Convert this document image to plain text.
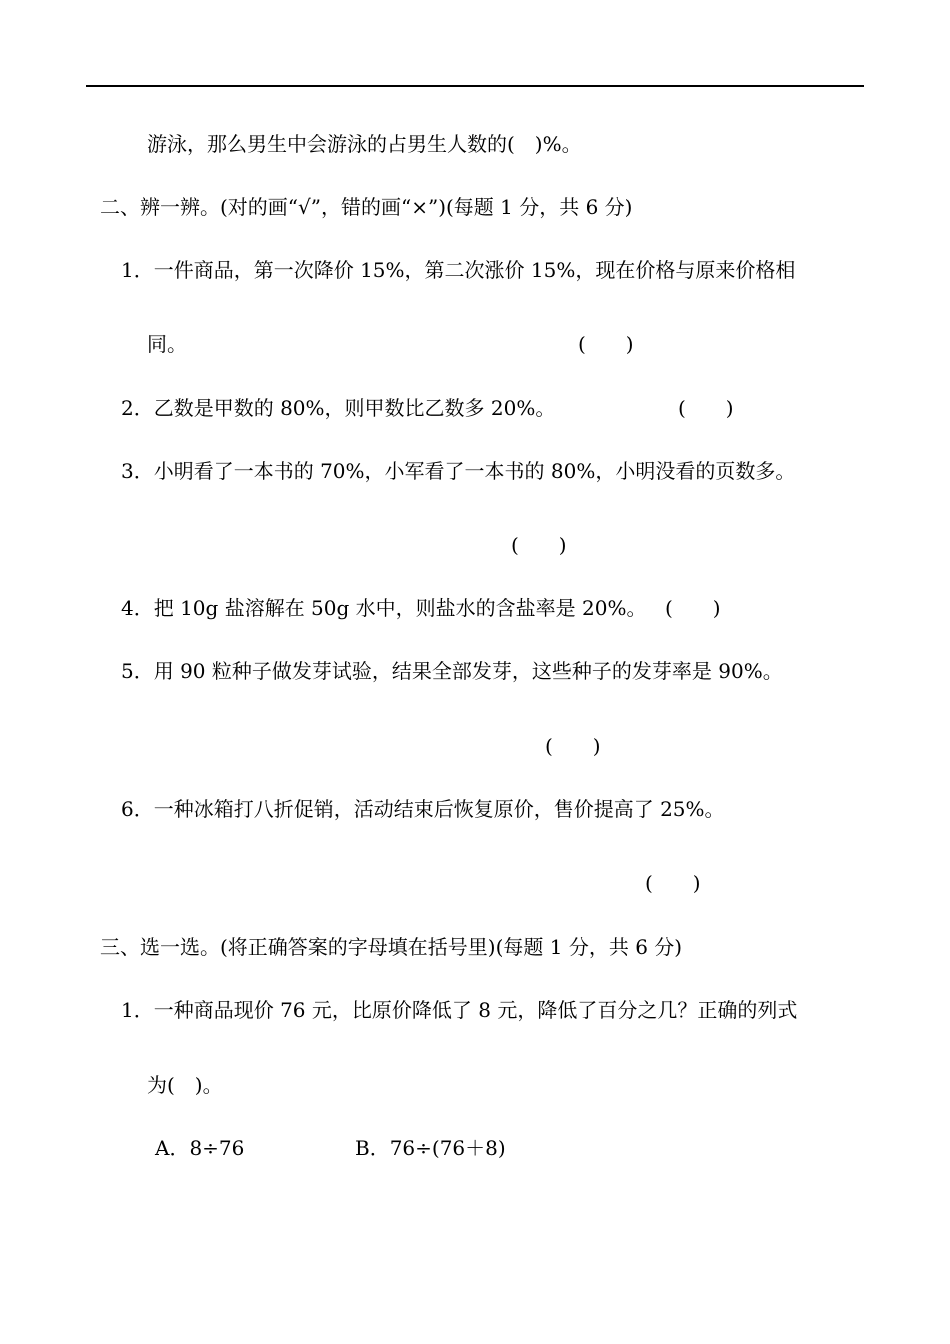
游泳，那么男生中会游泳的占男生人数的(　)%。
二、辨一辨。(对的画“√”，错的画“×”)(每题 1 分，共 6 分)
1．一件商品，第一次降价 15%，第二次涨价 15%，现在价格与原来价格相
同。	(　　)
2．乙数是甲数的 80%，则甲数比乙数多 20%。	(　　)
3．小明看了一本书的 70%，小军看了一本书的 80%，小明没看的页数多。
(　　)
4．把 10g 盐溶解在 50g 水中，则盐水的含盐率是 20%。 (　　)
5．用 90 粒种子做发芽试验，结果全部发芽，这些种子的发芽率是 90%。
(　　)
6．一种冰箱打八折促销，活动结束后恢复原价，售价提高了 25%。
(　　)
三、选一选。(将正确答案的字母填在括号里)(每题 1 分，共 6 分)
1．一种商品现价 76 元，比原价降低了 8 元，降低了百分之几？正确的列式
为(　)。
A．8÷76	B．76÷(76＋8)
